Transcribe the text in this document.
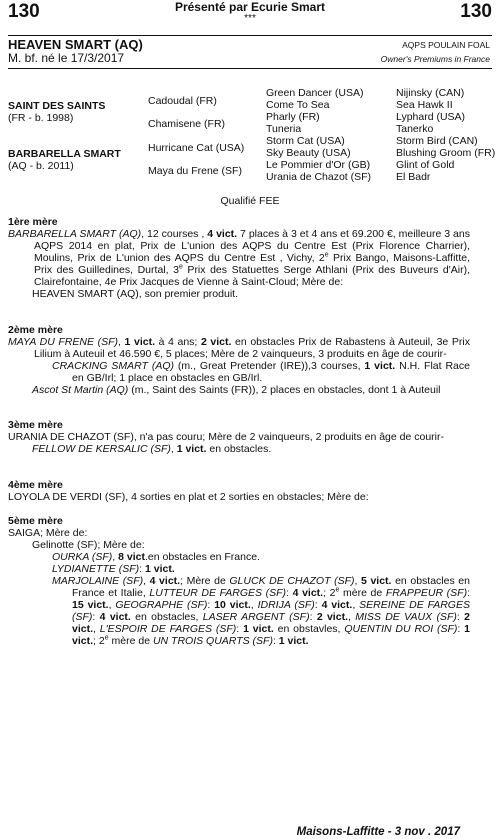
130	130
Présenté par Ecurie Smart
***
HEAVEN SMART (AQ)
M. bf. né le 17/3/2017
AQPS POULAIN FOAL
Owner's Premiums in France
SAINT DES SAINTS
(FR - b. 1998)
BARBARELLA SMART
(AQ - b. 2011)
Cadoudal (FR)
Chamisene (FR)
Hurricane Cat (USA)
Maya du Frene (SF)
Green Dancer (USA)
Come To Sea
Pharly (FR)
Tuneria
Storm Cat (USA)
Sky Beauty (USA)
Le Pommier d'Or (GB)
Urania de Chazot (SF)
Nijinsky (CAN)
Sea Hawk II
Lyphard (USA)
Tanerko
Storm Bird (CAN)
Blushing Groom (FR)
Glint of Gold
El Badr
Qualifié FEE
1ère mère
BARBARELLA SMART (AQ), 12 courses , 4 vict. 7 places à 3 et 4 ans et 69.200 €, meilleure 3 ans AQPS 2014 en plat, Prix de L'union des AQPS du Centre Est (Prix Florence Charrier), Moulins, Prix de L'union des AQPS du Centre Est , Vichy, 2e Prix Bango, Maisons-Laffitte, Prix des Guilledines, Durtal, 3e Prix des Statuettes Serge Athlani (Prix des Buveurs d'Air), Clairefontaine, 4e Prix Jacques de Vienne à Saint-Cloud; Mère de:
HEAVEN SMART (AQ), son premier produit.
2ème mère
MAYA DU FRENE (SF), 1 vict. à 4 ans; 2 vict. en obstacles Prix de Rabastens à Auteuil, 3e Prix Lilium à Auteuil et 46.590 €, 5 places; Mère de 2 vainqueurs, 3 produits en âge de courir-
CRACKING SMART (AQ) (m., Great Pretender (IRE)),3 courses, 1 vict. N.H. Flat Race en GB/Irl; 1 place en obstacles en GB/Irl.
Ascot St Martin (AQ) (m., Saint des Saints (FR)), 2 places en obstacles, dont 1 à Auteuil
3ème mère
URANIA DE CHAZOT (SF), n'a pas couru; Mère de 2 vainqueurs, 2 produits en âge de courir-
FELLOW DE KERSALIC (SF), 1 vict. en obstacles.
4ème mère
LOYOLA DE VERDI (SF), 4 sorties en plat et 2 sorties en obstacles; Mère de:
5ème mère
SAIGA; Mère de:
Gelinotte (SF); Mère de:
OURKA (SF), 8 vict.en obstacles en France.
LYDIANETTE (SF): 1 vict.
MARJOLAINE (SF), 4 vict.; Mère de GLUCK DE CHAZOT (SF), 5 vict. en obstacles en France et Italie, LUTTEUR DE FARGES (SF): 4 vict.; 2e mère de FRAPPEUR (SF): 15 vict., GEOGRAPHE (SF): 10 vict., IDRIJA (SF): 4 vict., SEREINE DE FARGES (SF): 4 vict. en obstacles, LASER ARGENT (SF): 2 vict., MISS DE VAUX (SF): 2 vict., L'ESPOIR DE FARGES (SF): 1 vict. en obstavles, QUENTIN DU ROI (SF): 1 vict.; 2e mère de UN TROIS QUARTS (SF): 1 vict.
Maisons-Laffitte - 3 nov . 2017
